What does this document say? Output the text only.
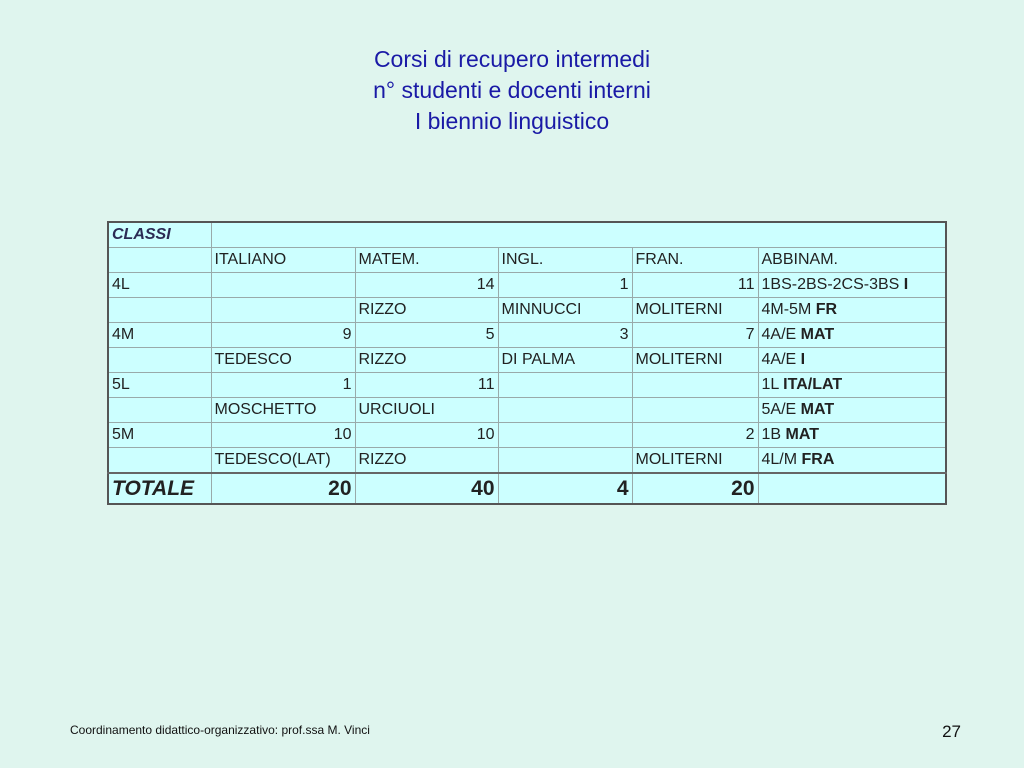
Corsi di recupero intermedi
n° studenti e docenti interni
I biennio linguistico
CLASSI					
	ITALIANO	MATEM.	INGL.	FRAN.	ABBINAM.
4L		14	1	11	1BS-2BS-2CS-3BS I
		RIZZO	MINNUCCI	MOLITERNI	4M-5M FR
4M	9	5	3	7	4A/E MAT
	TEDESCO	RIZZO	DI PALMA	MOLITERNI	4A/E I
5L	1	11			1L ITA/LAT
	MOSCHETTO	URCIUOLI			5A/E MAT
5M	10	10		2	1B MAT
	TEDESCO(LAT)	RIZZO		MOLITERNI	4L/M FRA
TOTALE	20	40	4	20	
Coordinamento didattico-organizzativo: prof.ssa M. Vinci	27
